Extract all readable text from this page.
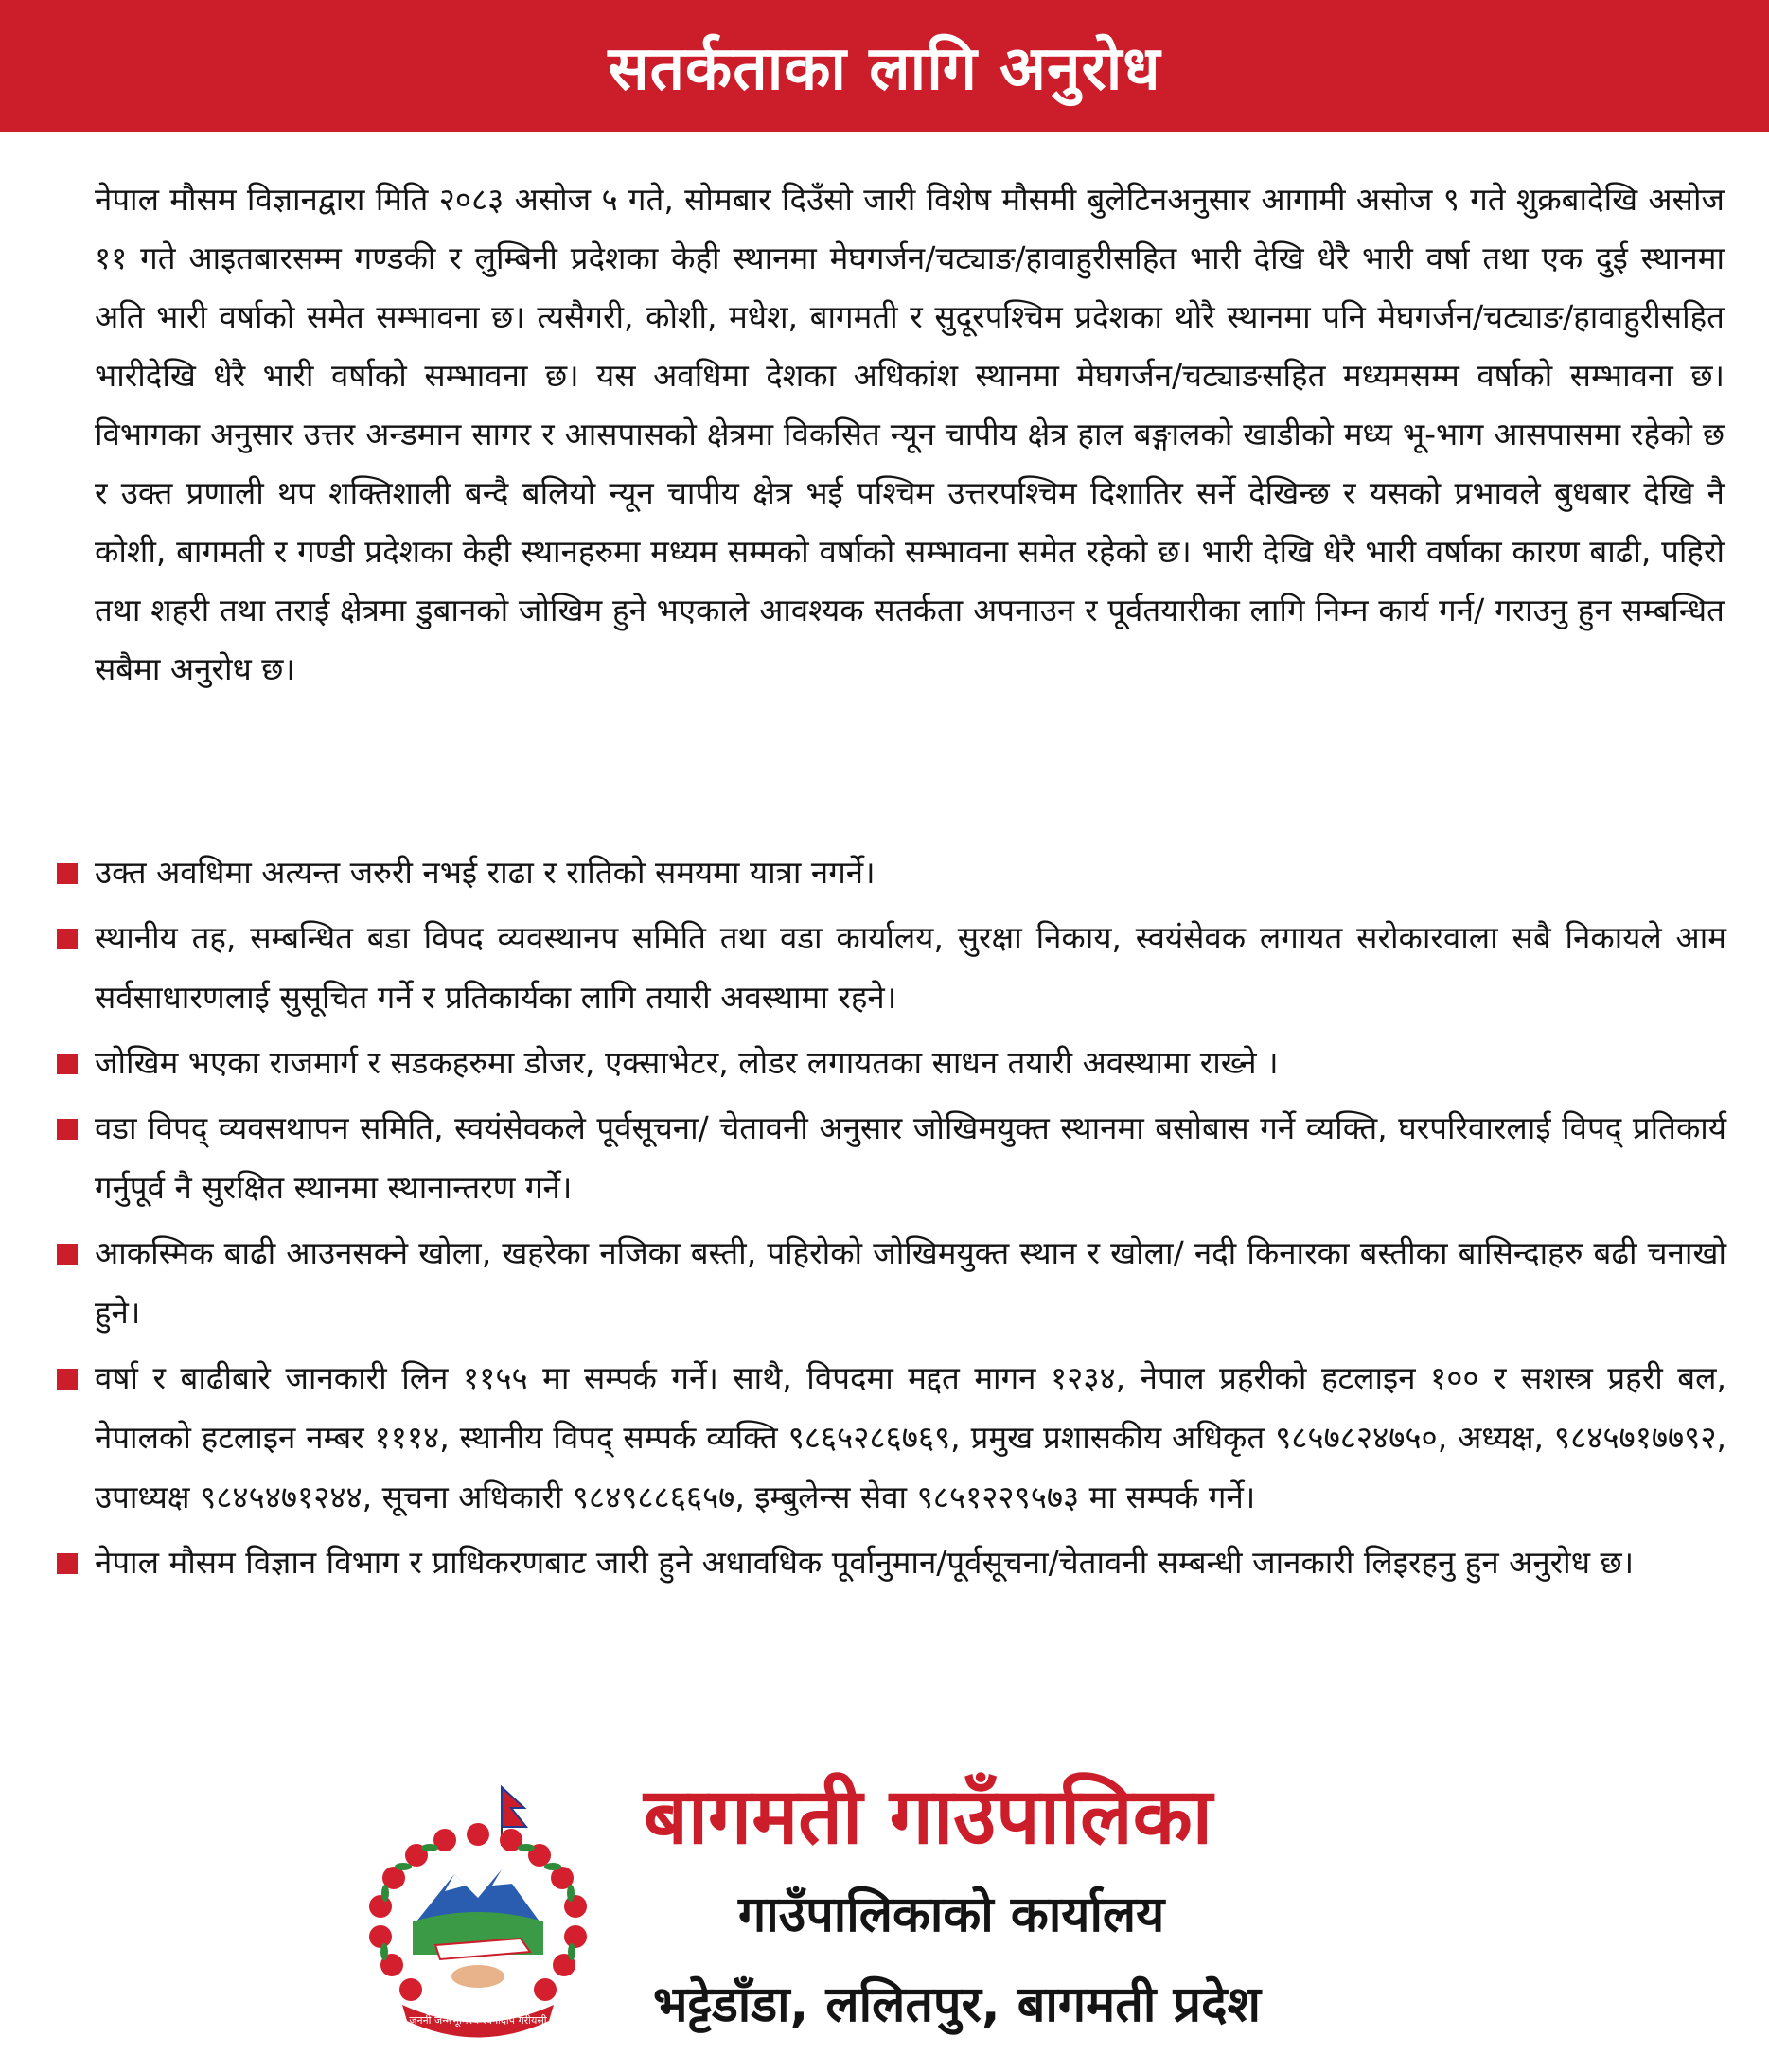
सतर्कताका लागि अनुरोध

नेपाल मौसम विज्ञानद्वारा मिति २०८३ असोज ५ गते, सोमबार दिउँसो जारी विशेष मौसमी बुलेटिनअनुसार आगामी असोज ९ गते शुक्रबादेखि असोज ११ गते आइतबारसम्म गण्डकी र लुम्बिनी प्रदेशका केही स्थानमा मेघगर्जन/चट्याङ/हावाहुरीसहित भारी देखि धेरै भारी वर्षा तथा एक दुई स्थानमा अति भारी वर्षाको समेत सम्भावना छ। त्यसैगरी, कोशी, मधेश, बागमती र सुदूरपश्चिम प्रदेशका थोरै स्थानमा पनि मेघगर्जन/चट्याङ/हावाहुरीसहित भारीदेखि धेरै भारी वर्षाको सम्भावना छ। यस अवधिमा देशका अधिकांश स्थानमा मेघगर्जन/चट्याङसहित मध्यमसम्म वर्षाको सम्भावना छ। विभागका अनुसार उत्तर अन्डमान सागर र आसपासको क्षेत्रमा विकसित न्यून चापीय क्षेत्र हाल बङ्गालको खाडीको मध्य भू-भाग आसपासमा रहेको छ र उक्त प्रणाली थप शक्तिशाली बन्दै बलियो न्यून चापीय क्षेत्र भई पश्चिम उत्तरपश्चिम दिशातिर सर्ने देखिन्छ र यसको प्रभावले बुधबार देखि नै कोशी, बागमती र गण्डी प्रदेशका केही स्थानहरुमा मध्यम सम्मको वर्षाको सम्भावना समेत रहेको छ। भारी देखि धेरै भारी वर्षाका कारण बाढी, पहिरो तथा शहरी तथा तराई क्षेत्रमा डुबानको जोखिम हुने भएकाले आवश्यक सतर्कता अपनाउन र पूर्वतयारीका लागि निम्न कार्य गर्न/ गराउनु हुन सम्बन्धित सबैमा अनुरोध छ।

उक्त अवधिमा अत्यन्त जरुरी नभई राढा र रातिको समयमा यात्रा नगर्ने।
स्थानीय तह, सम्बन्धित बडा विपद व्यवस्थानप समिति तथा वडा कार्यालय, सुरक्षा निकाय, स्वयंसेवक लगायत सरोकारवाला सबै निकायले आम सर्वसाधारणलाई सुसूचित गर्ने र प्रतिकार्यका लागि तयारी अवस्थामा रहने।
जोखिम भएका राजमार्ग र सडकहरुमा डोजर, एक्साभेटर, लोडर लगायतका साधन तयारी अवस्थामा राख्ने ।
वडा विपद् व्यवसथापन समिति, स्वयंसेवकले पूर्वसूचना/ चेतावनी अनुसार जोखिमयुक्त स्थानमा बसोबास गर्ने व्यक्ति, घरपरिवारलाई विपद् प्रतिकार्य गर्नुपूर्व नै सुरक्षित स्थानमा स्थानान्तरण गर्ने।
आकस्मिक बाढी आउनसक्ने खोला, खहरेका नजिका बस्ती, पहिरोको जोखिमयुक्त स्थान र खोला/ नदी किनारका बस्तीका बासिन्दाहरु बढी चनाखो हुने।
वर्षा र बाढीबारे जानकारी लिन ११५५ मा सम्पर्क गर्ने। साथै, विपदमा मद्दत मागन १२३४, नेपाल प्रहरीको हटलाइन १०० र सशस्त्र प्रहरी बल, नेपालको हटलाइन नम्बर १११४, स्थानीय विपद् सम्पर्क व्यक्ति ९८६५२८६७६९, प्रमुख प्रशासकीय अधिकृत ९८५७८२४७५०, अध्यक्ष, ९८४५७१७७९२, उपाध्यक्ष ९८४५४७१२४४, सूचना अधिकारी ९८४९८८६६५७, इम्बुलेन्स सेवा ९८५१२२९५७३ मा सम्पर्क गर्ने।
नेपाल मौसम विज्ञान विभाग र प्राधिकरणबाट जारी हुने अधावधिक पूर्वानुमान/पूर्वसूचना/चेतावनी सम्बन्धी जानकारी लिइरहनु हुन अनुरोध छ।
जननी जन्मभूमिश्च स्वर्गादपि गरीयसी
बागमती गाउँपालिका
गाउँपालिकाको कार्यालय
भट्टेडाँडा, ललितपुर, बागमती प्रदेश
